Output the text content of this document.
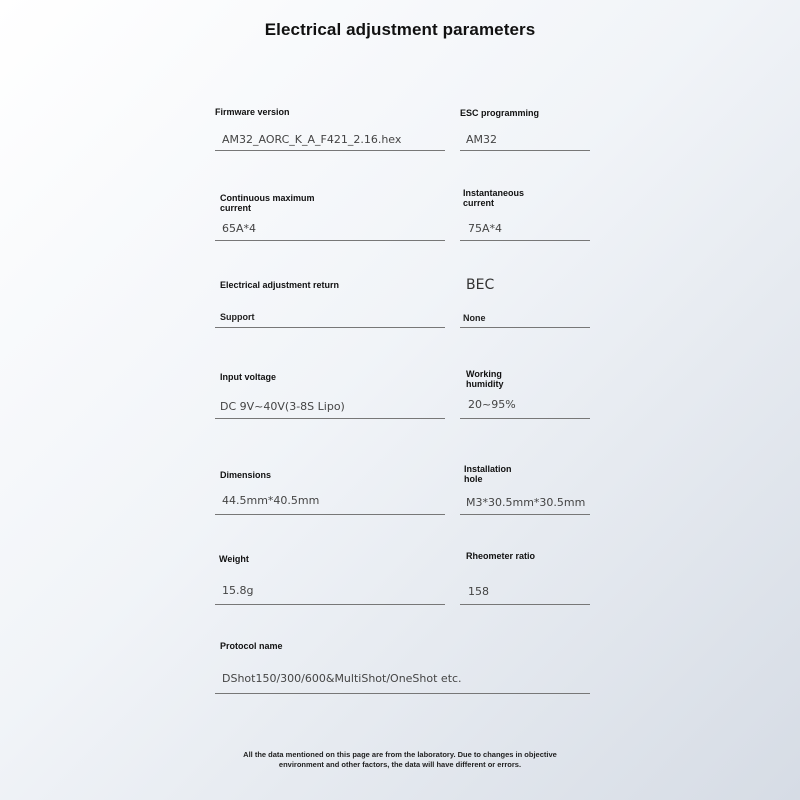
Electrical adjustment parameters
Firmware version
AM32_AORC_K_A_F421_2.16.hex
ESC programming
AM32
Continuous maximum current
65A*4
Instantaneous current
75A*4
Electrical adjustment return
Support
BEC
None
Input voltage
DC 9V~40V(3-8S Lipo)
Working humidity
20~95%
Dimensions
44.5mm*40.5mm
Installation hole
M3*30.5mm*30.5mm
Weight
15.8g
Rheometer ratio
158
Protocol name
DShot150/300/600&MultiShot/OneShot etc.
All the data mentioned on this page are from the laboratory. Due to changes in objective environment and other factors, the data will have different or errors.
